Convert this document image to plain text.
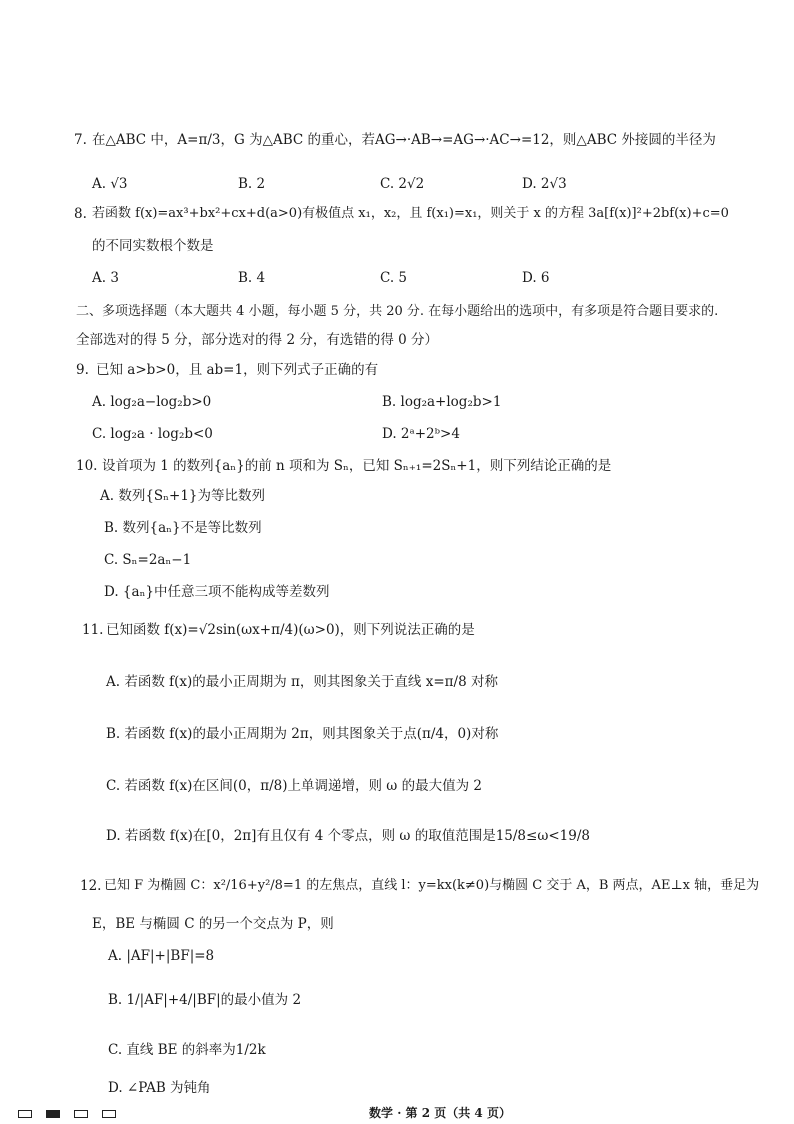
7. 在△ABC 中，A=π/3，G 为△ABC 的重心，若AG→·AB→=AG→·AC→=12，则△ABC 外接圆的半径为
A. √3	B. 2	C. 2√2	D. 2√3
8. 若函数 f(x)=ax³+bx²+cx+d(a>0)有极值点 x₁，x₂，且 f(x₁)=x₁，则关于 x 的方程 3a[f(x)]²+2bf(x)+c=0
的不同实数根个数是
A. 3	B. 4	C. 5	D. 6
二、多项选择题（本大题共 4 小题，每小题 5 分，共 20 分. 在每小题给出的选项中，有多项是符合题目要求的.
全部选对的得 5 分，部分选对的得 2 分，有选错的得 0 分）
9. 已知 a>b>0，且 ab=1，则下列式子正确的有
A. log₂a−log₂b>0	B. log₂a+log₂b>1
C. log₂a · log₂b<0	D. 2ᵃ+2ᵇ>4
10. 设首项为 1 的数列{aₙ}的前 n 项和为 Sₙ，已知 Sₙ₊₁=2Sₙ+1，则下列结论正确的是
A. 数列{Sₙ+1}为等比数列
B. 数列{aₙ}不是等比数列
C. Sₙ=2aₙ−1
D. {aₙ}中任意三项不能构成等差数列
11. 已知函数 f(x)=√2sin(ωx+π/4)(ω>0)，则下列说法正确的是
A. 若函数 f(x)的最小正周期为 π，则其图象关于直线 x=π/8 对称
B. 若函数 f(x)的最小正周期为 2π，则其图象关于点(π/4，0)对称
C. 若函数 f(x)在区间(0，π/8)上单调递增，则 ω 的最大值为 2
D. 若函数 f(x)在[0，2π]有且仅有 4 个零点，则 ω 的取值范围是15/8≤ω<19/8
12. 已知 F 为椭圆 C：x²/16+y²/8=1 的左焦点，直线 l：y=kx(k≠0)与椭圆 C 交于 A，B 两点，AE⊥x 轴，垂足为
E，BE 与椭圆 C 的另一个交点为 P，则
A. |AF|+|BF|=8
B. 1/|AF|+4/|BF|的最小值为 2
C. 直线 BE 的斜率为1/2k
D. ∠PAB 为钝角
数学 · 第 2 页（共 4 页）
